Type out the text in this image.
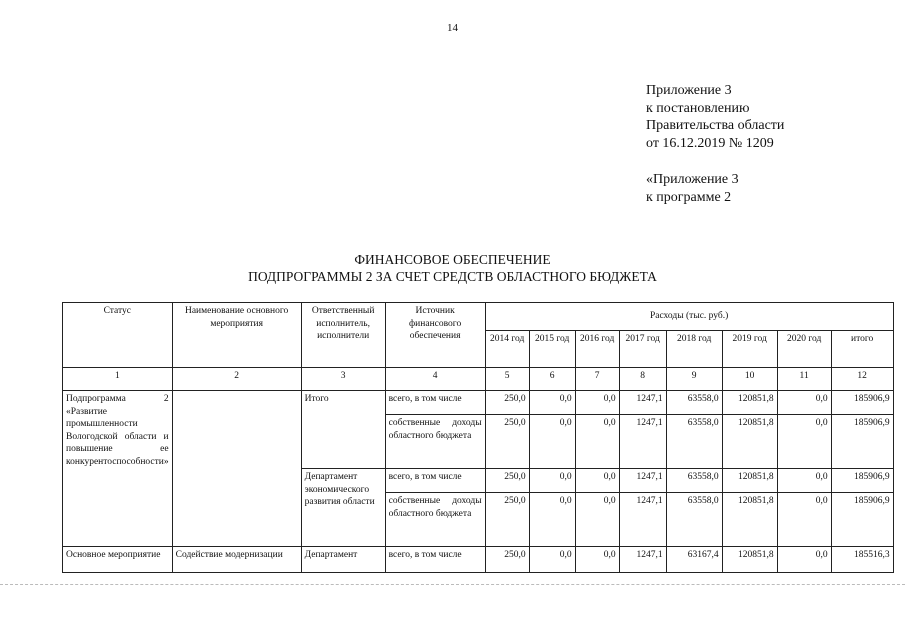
14
Приложение 3
к постановлению
Правительства области
от 16.12.2019 № 1209
«Приложение 3
к программе 2
ФИНАНСОВОЕ ОБЕСПЕЧЕНИЕ
ПОДПРОГРАММЫ 2 ЗА СЧЕТ СРЕДСТВ ОБЛАСТНОГО БЮДЖЕТА
Статус	Наименование основного мероприятия	Ответственный исполнитель, исполнители	Источник финансового обеспечения	Расходы (тыс. руб.)							
				2014 год	2015 год	2016 год	2017 год	2018 год	2019 год	2020 год	итого
1	2	3	4	5	6	7	8	9	10	11	12
Подпрограмма 2 «Развитие промышленности Вологодской области и повышение ее конкурентоспособности»		Итого	всего, в том числе	250,0	0,0	0,0	1247,1	63558,0	120851,8	0,0	185906,9
			собственные доходы областного бюджета	250,0	0,0	0,0	1247,1	63558,0	120851,8	0,0	185906,9
		Департамент экономического развития области	всего, в том числе	250,0	0,0	0,0	1247,1	63558,0	120851,8	0,0	185906,9
			собственные доходы областного бюджета	250,0	0,0	0,0	1247,1	63558,0	120851,8	0,0	185906,9
Основное мероприятие	Содействие модернизации	Департамент	всего, в том числе	250,0	0,0	0,0	1247,1	63167,4	120851,8	0,0	185516,3
